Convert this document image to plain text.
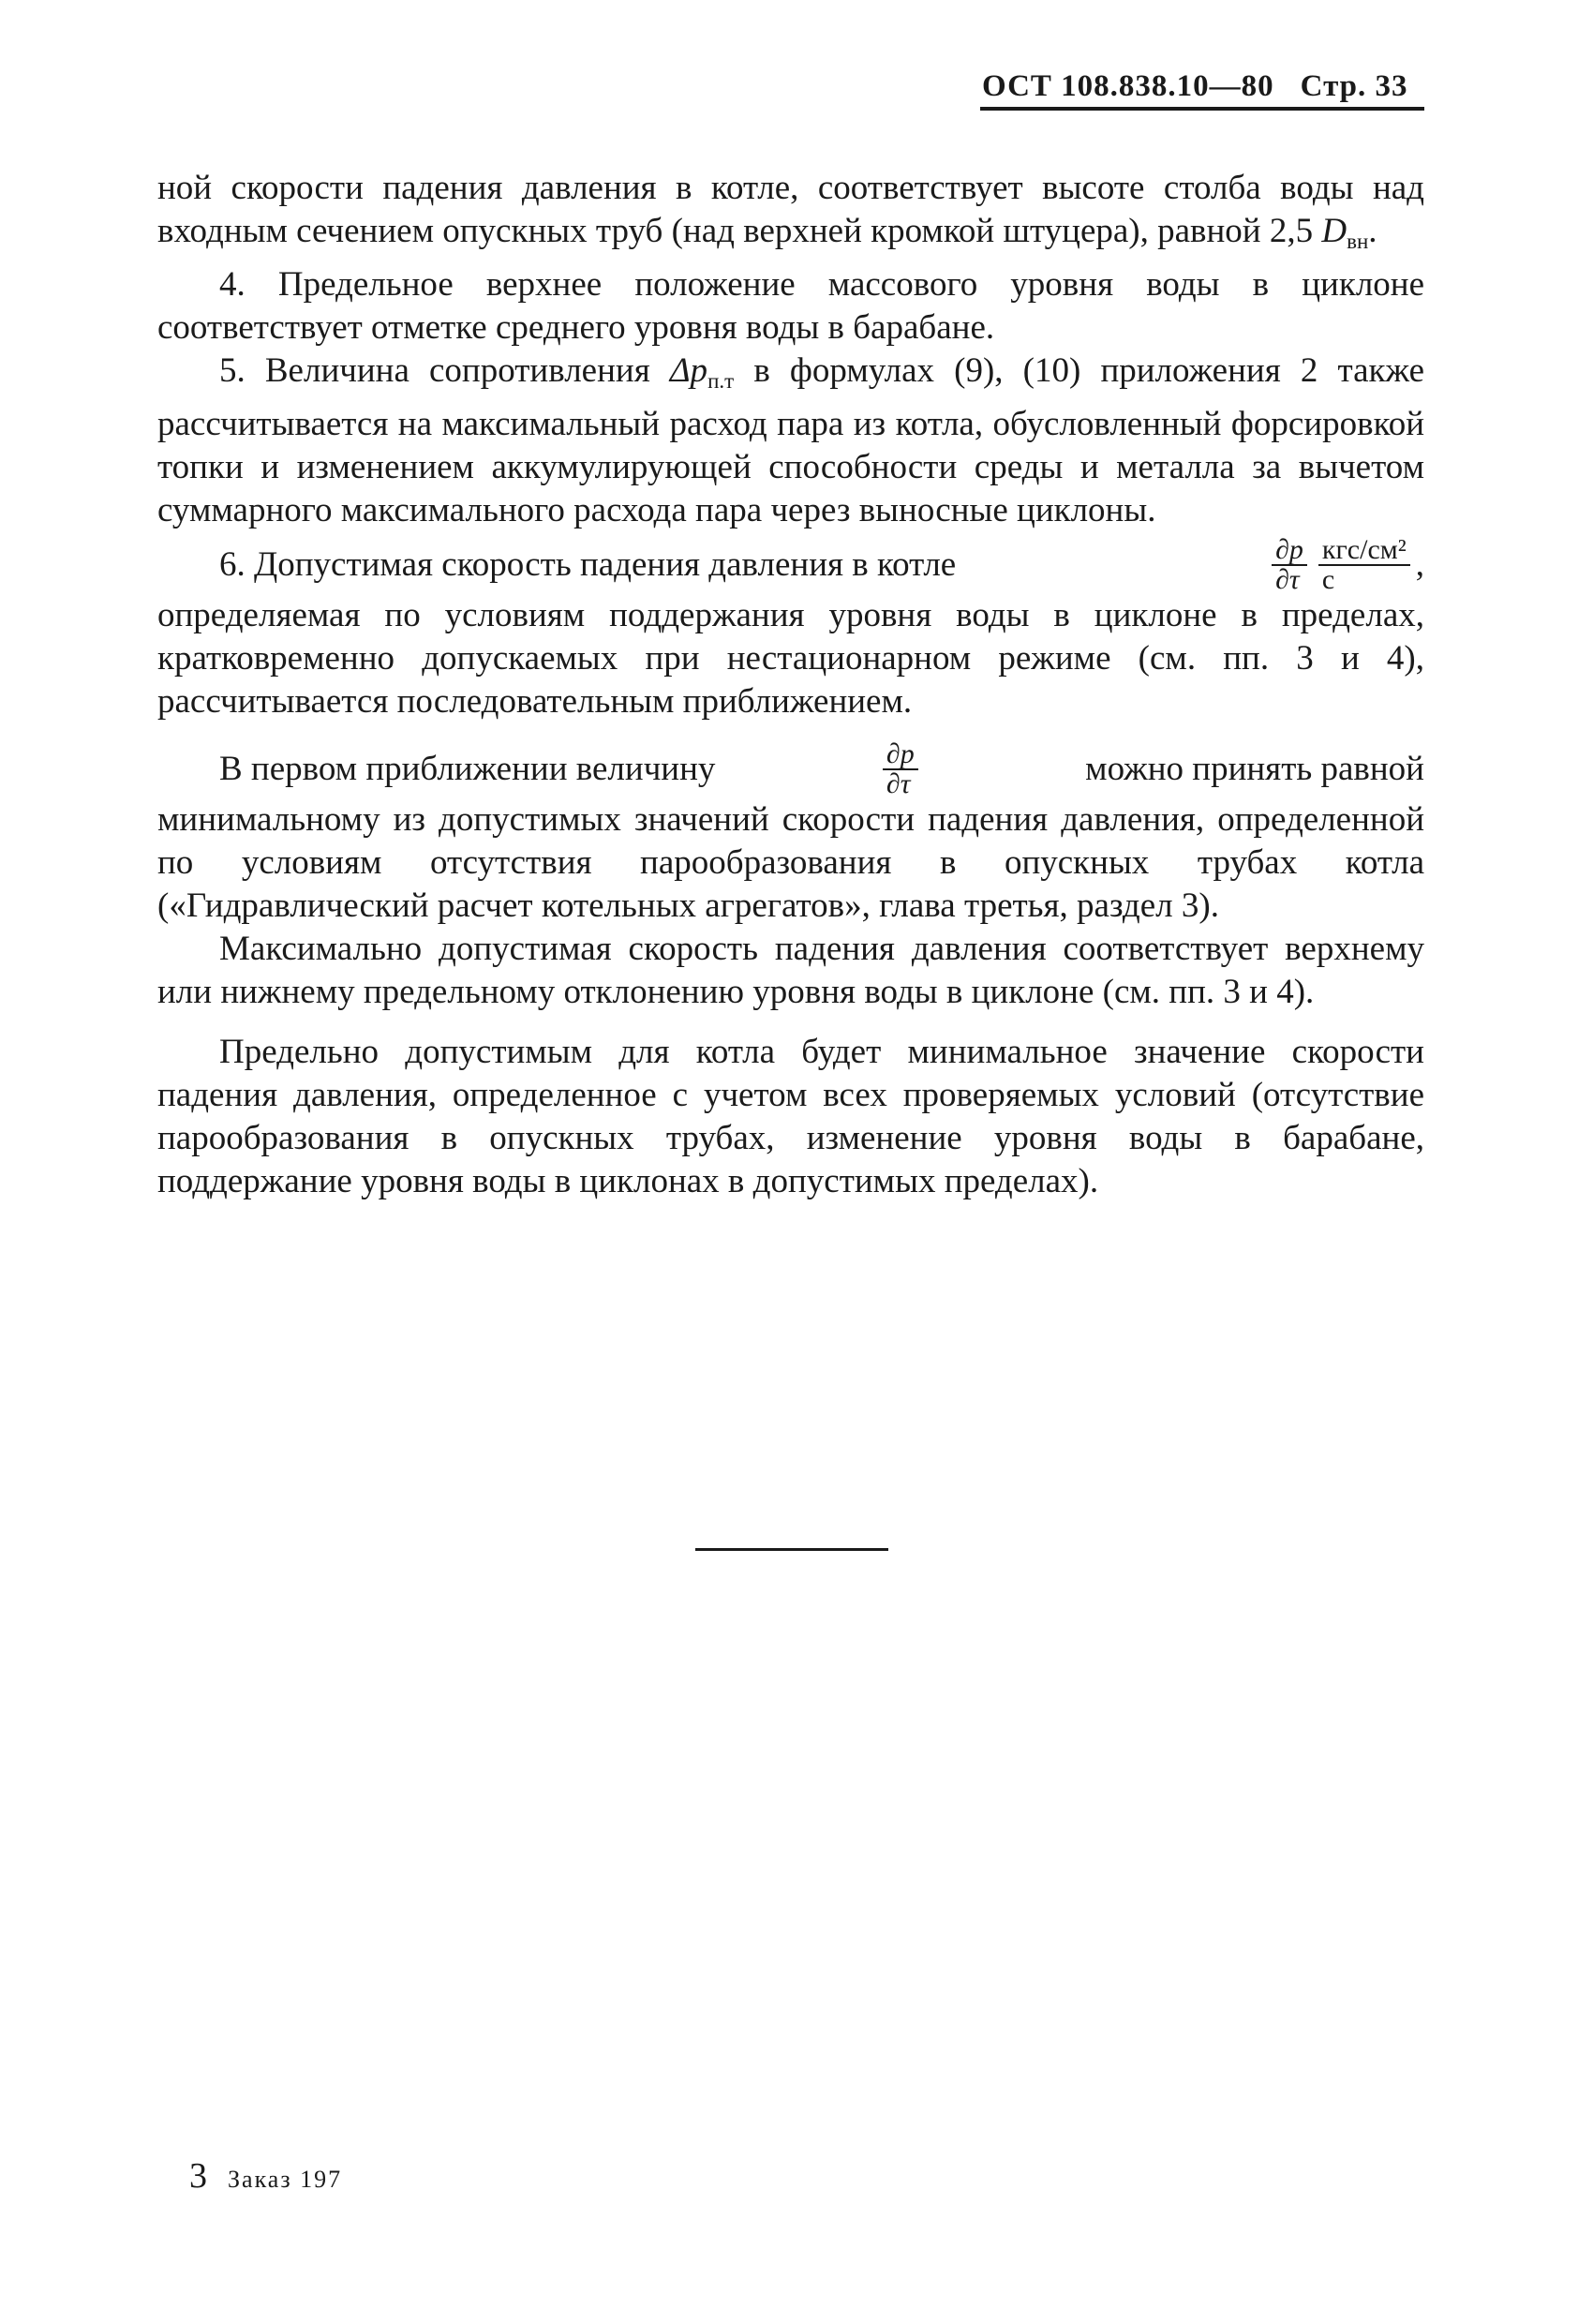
ОСТ 108.838.10—80 Стр. 33

ной скорости падения давления в котле, соответствует высоте столба воды над входным сечением опускных труб (над верхней кромкой штуцера), равной 2,5 $D_{вн}$.

4. Предельное верхнее положение массового уровня воды в циклоне соответствует отметке среднего уровня воды в барабане.

5. Величина сопротивления $\Delta p_{п.т}$ в формулах (9), (10) приложения 2 также рассчитывается на максимальный расход пара из котла, обусловленный форсировкой топки и изменением аккумулирующей способности среды и металла за вычетом суммарного максимального расхода пара через выносные циклоны.

6. Допустимая скорость падения давления в котле	$\frac{\partial p}{\partial\tau} \frac{\text{кгс/см²}}{с}$ ,

определяемая по условиям поддержания уровня воды в циклоне в пределах, кратковременно допускаемых при нестационарном режиме (см. пп. 3 и 4), рассчитывается последовательным приближением.

В первом приближении величину	$\frac{\partial p}{\partial\tau}$	можно принять равной

минимальному из допустимых значений скорости падения давления, определенной по условиям отсутствия парообразования в опускных трубах котла («Гидравлический расчет котельных агрегатов», глава третья, раздел 3).

Максимально допустимая скорость падения давления соответствует верхнему или нижнему предельному отклонению уровня воды в циклоне (см. пп. 3 и 4).

Предельно допустимым для котла будет минимальное значение скорости падения давления, определенное с учетом всех проверяемых условий (отсутствие парообразования в опускных трубах, изменение уровня воды в барабане, поддержание уровня воды в циклонах в допустимых пределах).

3 Заказ 197
